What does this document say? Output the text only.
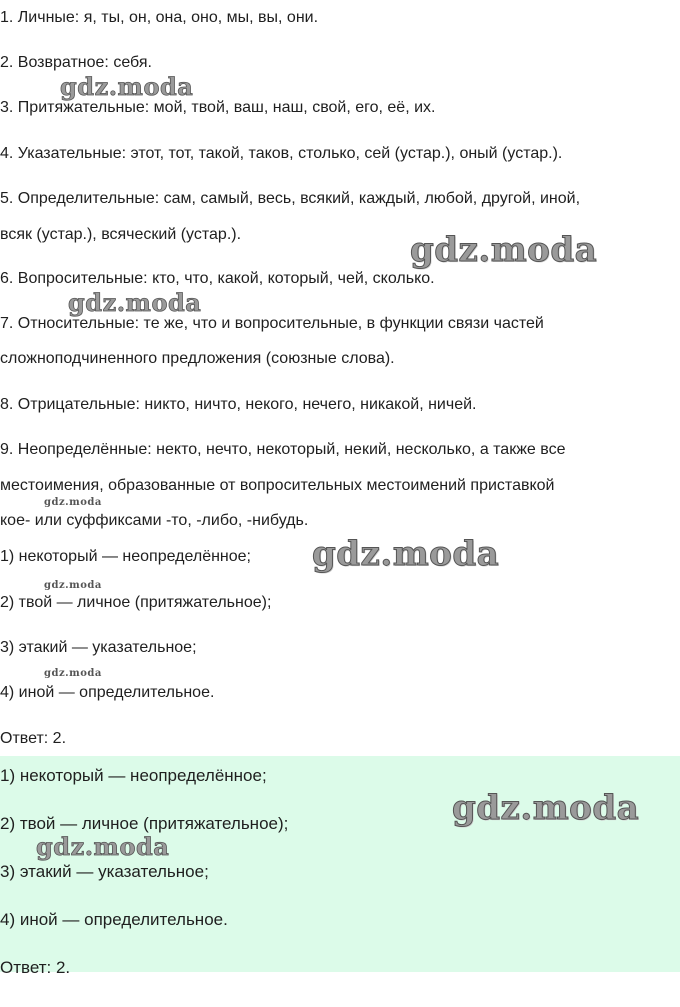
1. Личные: я, ты, он, она, оно, мы, вы, они.
2. Возвратное: себя.
3. Притяжательные: мой, твой, ваш, наш, свой, его, её, их.
4. Указательные: этот, тот, такой, таков, столько, сей (устар.), оный (устар.).
5. Определительные: сам, самый, весь, всякий, каждый, любой, другой, иной,
всяк (устар.), всяческий (устар.).
6. Вопросительные: кто, что, какой, который, чей, сколько.
7. Относительные: те же, что и вопросительные, в функции связи частей
сложноподчиненного предложения (союзные слова).
8. Отрицательные: никто, ничто, некого, нечего, никакой, ничей.
9. Неопределённые: некто, нечто, некоторый, некий, несколько, а также все
местоимения, образованные от вопросительных местоимений приставкой
кое- или суффиксами -то, -либо, -нибудь.
1) некоторый — неопределённое;
2) твой — личное (притяжательное);
3) этакий — указательное;
4) иной — определительное.
Ответ: 2.
1) некоторый — неопределённое;
2) твой — личное (притяжательное);
3) этакий — указательное;
4) иной — определительное.
Ответ: 2.
gdz.moda
gdz.moda
gdz.moda
gdz.moda
gdz.moda
gdz.moda
gdz.moda
gdz.moda
gdz.moda
